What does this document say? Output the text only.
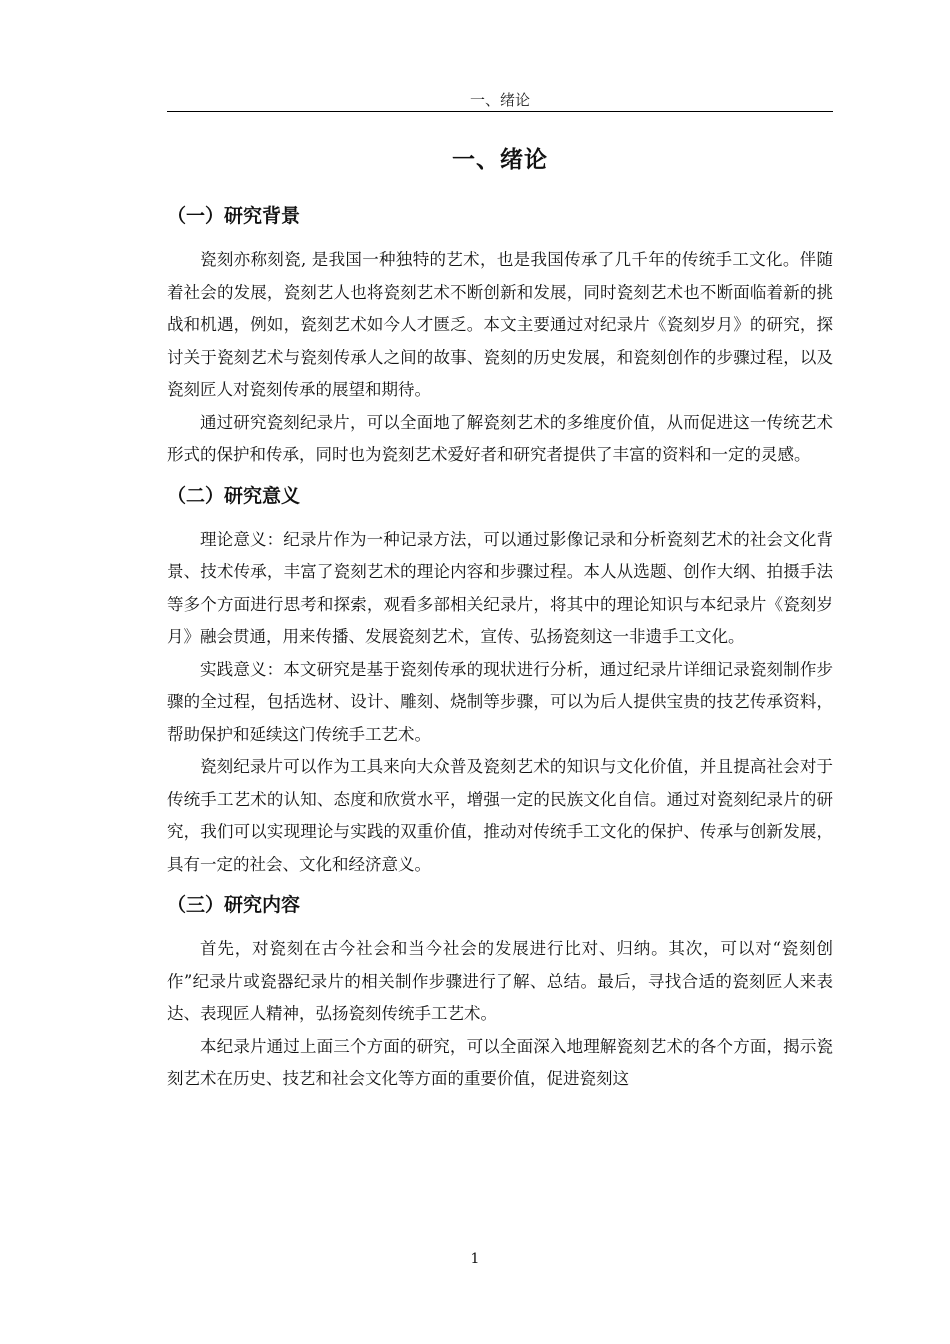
一、绪论
一、绪论
（一）研究背景

瓷刻亦称刻瓷, 是我国一种独特的艺术，也是我国传承了几千年的传统手工文化。伴随着社会的发展，瓷刻艺人也将瓷刻艺术不断创新和发展，同时瓷刻艺术也不断面临着新的挑战和机遇，例如，瓷刻艺术如今人才匮乏。本文主要通过对纪录片《瓷刻岁月》的研究，探讨关于瓷刻艺术与瓷刻传承人之间的故事、瓷刻的历史发展，和瓷刻创作的步骤过程，以及瓷刻匠人对瓷刻传承的展望和期待。

通过研究瓷刻纪录片，可以全面地了解瓷刻艺术的多维度价值，从而促进这一传统艺术形式的保护和传承，同时也为瓷刻艺术爱好者和研究者提供了丰富的资料和一定的灵感。

（二）研究意义

理论意义：纪录片作为一种记录方法，可以通过影像记录和分析瓷刻艺术的社会文化背景、技术传承，丰富了瓷刻艺术的理论内容和步骤过程。本人从选题、创作大纲、拍摄手法等多个方面进行思考和探索，观看多部相关纪录片，将其中的理论知识与本纪录片《瓷刻岁月》融会贯通，用来传播、发展瓷刻艺术，宣传、弘扬瓷刻这一非遗手工文化。

实践意义：本文研究是基于瓷刻传承的现状进行分析，通过纪录片详细记录瓷刻制作步骤的全过程，包括选材、设计、雕刻、烧制等步骤，可以为后人提供宝贵的技艺传承资料，帮助保护和延续这门传统手工艺术。

瓷刻纪录片可以作为工具来向大众普及瓷刻艺术的知识与文化价值，并且提高社会对于传统手工艺术的认知、态度和欣赏水平，增强一定的民族文化自信。通过对瓷刻纪录片的研究，我们可以实现理论与实践的双重价值，推动对传统手工文化的保护、传承与创新发展，具有一定的社会、文化和经济意义。

（三）研究内容

首先，对瓷刻在古今社会和当今社会的发展进行比对、归纳。其次，可以对“瓷刻创作”纪录片或瓷器纪录片的相关制作步骤进行了解、总结。最后，寻找合适的瓷刻匠人来表达、表现匠人精神，弘扬瓷刻传统手工艺术。

本纪录片通过上面三个方面的研究，可以全面深入地理解瓷刻艺术的各个方面，揭示瓷刻艺术在历史、技艺和社会文化等方面的重要价值，促进瓷刻这

1
